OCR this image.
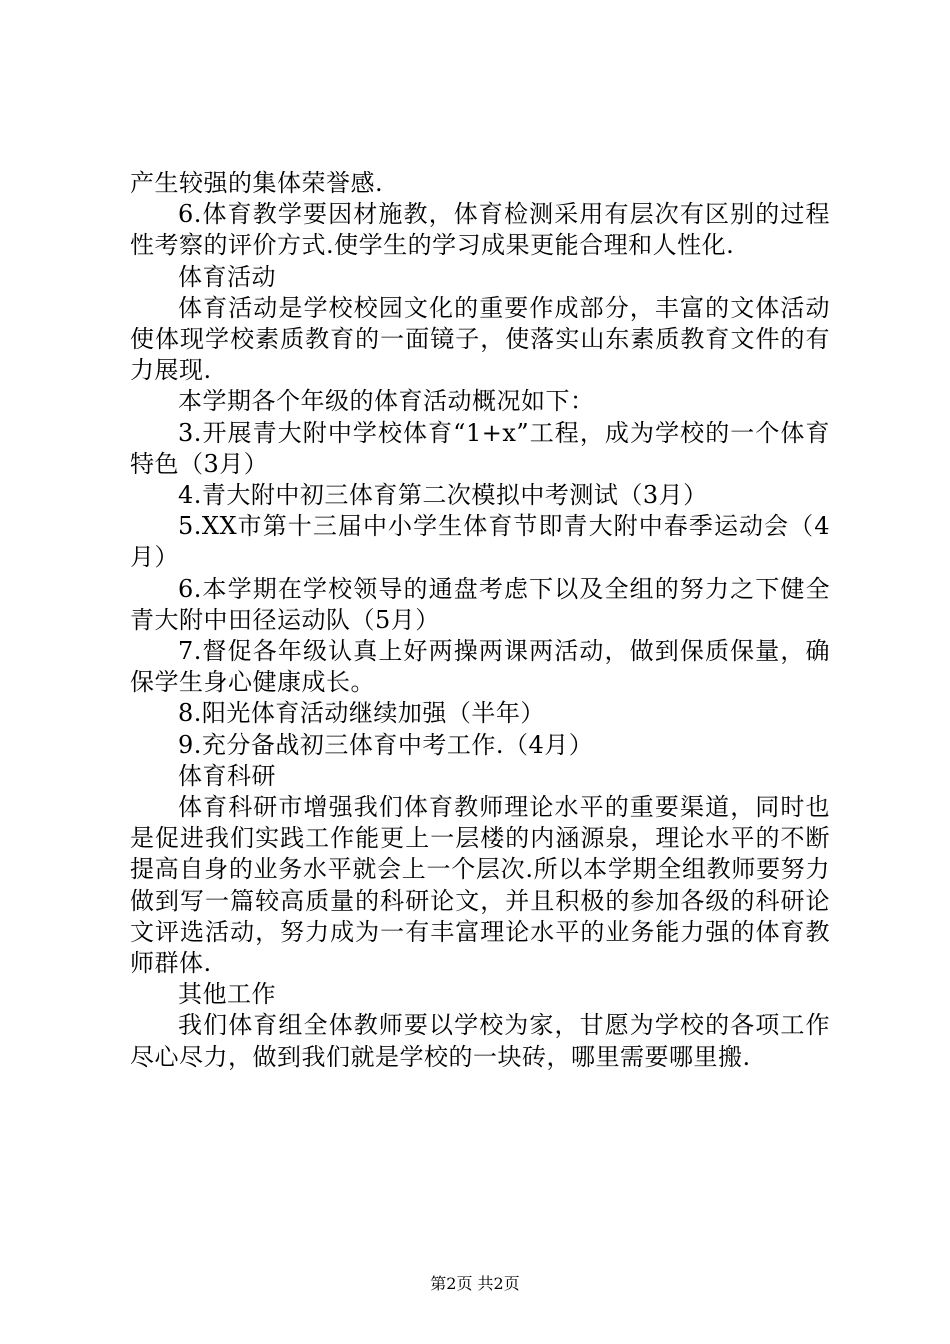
产生较强的集体荣誉感.

6.体育教学要因材施教，体育检测采用有层次有区别的过程性考察的评价方式.使学生的学习成果更能合理和人性化.

体育活动

体育活动是学校校园文化的重要作成部分，丰富的文体活动使体现学校素质教育的一面镜子，使落实山东素质教育文件的有力展现.

本学期各个年级的体育活动概况如下：

3.开展青大附中学校体育“1+x”工程，成为学校的一个体育特色（3月）

4.青大附中初三体育第二次模拟中考测试（3月）

5.XX市第十三届中小学生体育节即青大附中春季运动会（4月）

6.本学期在学校领导的通盘考虑下以及全组的努力之下健全青大附中田径运动队（5月）

7.督促各年级认真上好两操两课两活动，做到保质保量，确保学生身心健康成长。

8.阳光体育活动继续加强（半年）

9.充分备战初三体育中考工作.（4月）

体育科研

体育科研市增强我们体育教师理论水平的重要渠道，同时也是促进我们实践工作能更上一层楼的内涵源泉，理论水平的不断提高自身的业务水平就会上一个层次.所以本学期全组教师要努力做到写一篇较高质量的科研论文，并且积极的参加各级的科研论文评选活动，努力成为一有丰富理论水平的业务能力强的体育教师群体.

其他工作

我们体育组全体教师要以学校为家，甘愿为学校的各项工作尽心尽力，做到我们就是学校的一块砖，哪里需要哪里搬.

第2页 共2页
